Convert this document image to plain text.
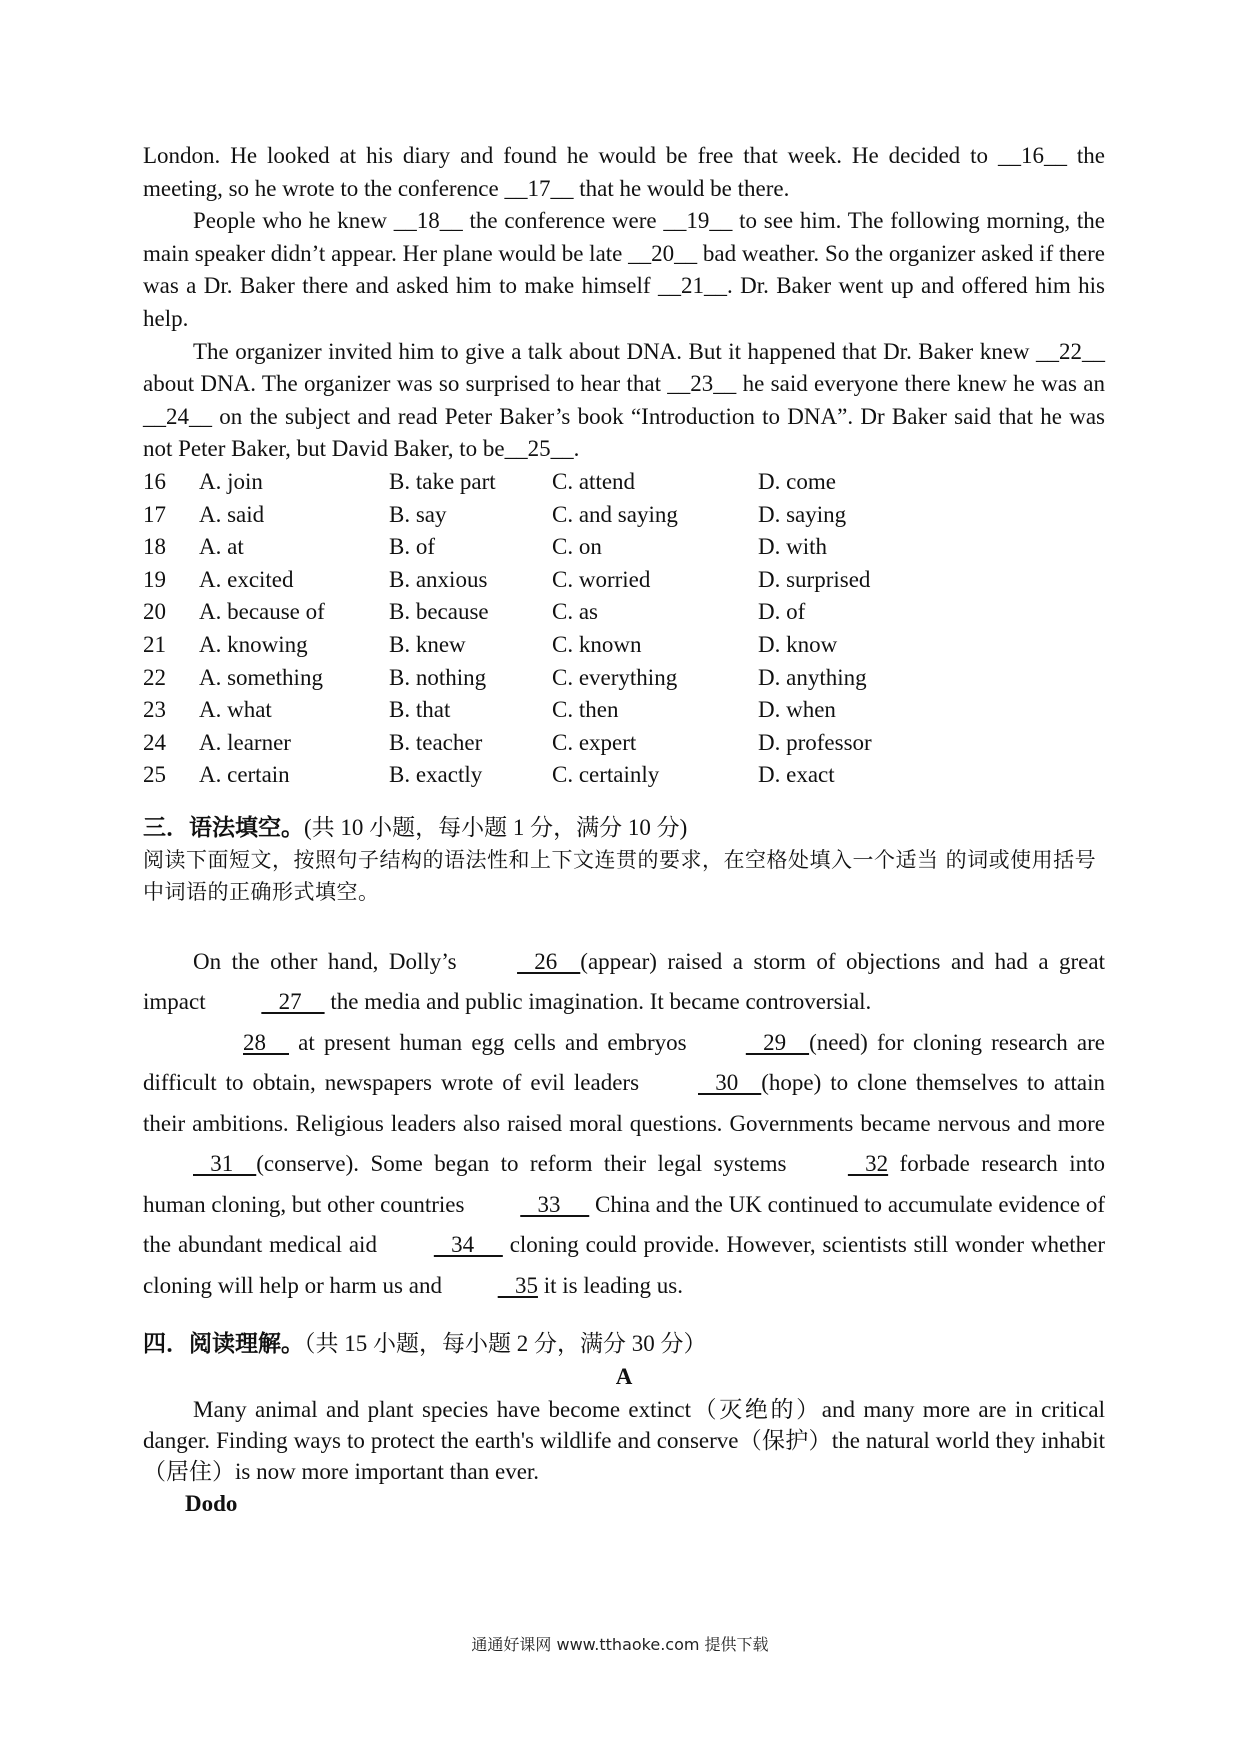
London. He looked at his diary and found he would be free that week. He decided to __16__ the meeting, so he wrote to the conference __17__ that he would be there.

People who he knew __18__ the conference were __19__ to see him. The following morning, the main speaker didn’t appear. Her plane would be late __20__ bad weather. So the organizer asked if there was a Dr. Baker there and asked him to make himself __21__. Dr. Baker went up and offered him his help.

The organizer invited him to give a talk about DNA. But it happened that Dr. Baker knew __22__ about DNA. The organizer was so surprised to hear that __23__ he said everyone there knew he was an __24__ on the subject and read Peter Baker’s book “Introduction to DNA”. Dr Baker said that he was not Peter Baker, but David Baker, to be__25__.

16	A. join	B. take part	C. attend	D. come
17	A. said	B. say	C. and saying	D. saying
18	A. at	B. of	C. on	D. with
19	A. excited	B. anxious	C. worried	D. surprised
20	A. because of	B. because	C. as	D. of
21	A. knowing	B. knew	C. known	D. know
22	A. something	B. nothing	C. everything	D. anything
23	A. what	B. that	C. then	D. when
24	A. learner	B. teacher	C. expert	D. professor
25	A. certain	B. exactly	C. certainly	D. exact
三．语法填空。(共 10 小题，每小题 1 分，满分 10 分)

阅读下面短文，按照句子结构的语法性和上下文连贯的要求，在空格处填入一个适当 的词或使用括号中词语的正确形式填空。

On the other hand, Dolly’s    26    (appear) raised a storm of objections and had a great impact    27     the media and public imagination. It became controversial.

28     at present human egg cells and embryos    29    (need) for cloning research are difficult to obtain, newspapers wrote of evil leaders    30    (hope) to clone themselves to attain their ambitions. Religious leaders also raised moral questions. Governments became nervous and more    31    (conserve). Some began to reform their legal systems    32 forbade research into human cloning, but other countries    33      China and the UK continued to accumulate evidence of the abundant medical aid    34      cloning could provide. However, scientists still wonder whether cloning will help or harm us and    35 it is leading us.

四．阅读理解。（共 15 小题，每小题 2 分，满分 30 分）

A

Many animal and plant species have become extinct（灭绝的）and many more are in critical danger. Finding ways to protect the earth's wildlife and conserve（保护）the natural world they inhabit（居住）is now more important than ever.

Dodo

通通好课网 www.tthaoke.com 提供下载
